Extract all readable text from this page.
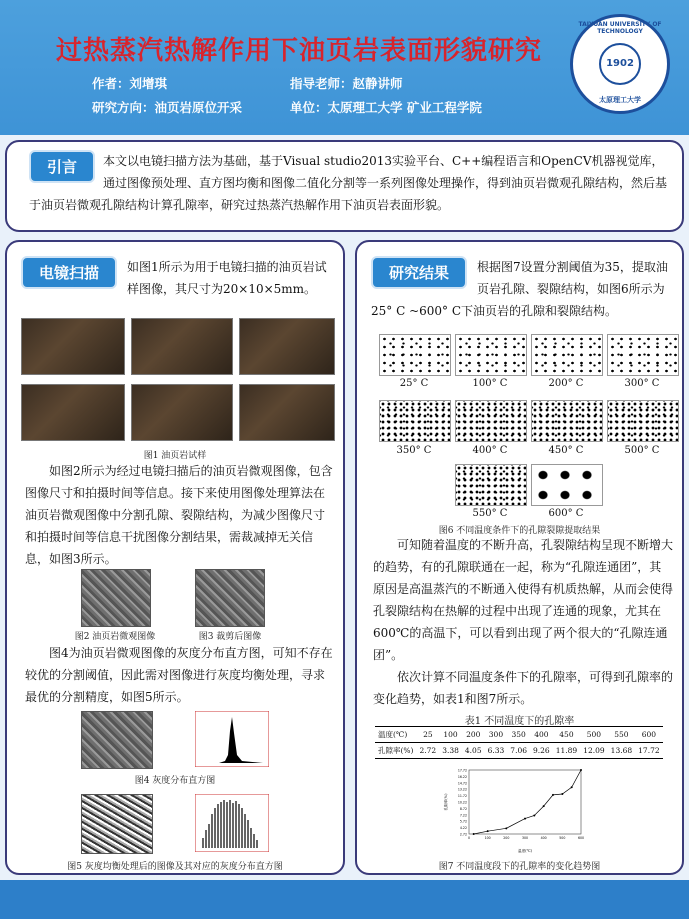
过热蒸汽热解作用下油页岩表面形貌研究
作者：刘增琪	指导老师：赵静讲师
研究方向：油页岩原位开采	单位：太原理工大学 矿业工程学院
TAIYUAN UNIVERSITY OF TECHNOLOGY
1902
太原理工大学
引言	本文以电镜扫描方法为基础，基于Visual studio2013实验平台、C++编程语言和OpenCV机器视觉库，通过图像预处理、直方图均衡和图像二值化分割等一系列图像处理操作，得到油页岩微观孔隙结构，然后基于油页岩微观孔隙结构计算孔隙率，研究过热蒸汽热解作用下油页岩表面形貌。
电镜扫描	如图1所示为用于电镜扫描的油页岩试样图像，其尺寸为20×10×5mm。
图1 油页岩试样
如图2所示为经过电镜扫描后的油页岩微观图像，包含图像尺寸和拍摄时间等信息。接下来使用图像处理算法在油页岩微观图像中分割孔隙、裂隙结构，为减少图像尺寸和拍摄时间等信息干扰图像分割结果，需裁减掉无关信息，如图3所示。
图2 油页岩微观图像	图3 裁剪后图像
图4为油页岩微观图像的灰度分布直方图，可知不存在较优的分割阈值，因此需对图像进行灰度均衡处理，寻求最优的分割精度，如图5所示。
图4 灰度分布直方图
图5 灰度均衡处理后的图像及其对应的灰度分布直方图
研究结果	根据图7设置分割阈值为35，提取油页岩孔隙、裂隙结构，如图6所示为25° C ~600° C下油页岩的孔隙和裂隙结构。
25° C	100° C	200° C	300° C
350° C	400° C	450° C	500° C
550° C	600° C
图6 不同温度条件下的孔隙裂隙提取结果
可知随着温度的不断升高，孔裂隙结构呈现不断增大的趋势，有的孔隙联通在一起，称为“孔隙连通团”，其原因是高温蒸汽的不断通入使得有机质热解，从而会使得孔裂隙结构在热解的过程中出现了连通的现象，尤其在600℃的高温下，可以看到出现了两个很大的“孔隙连通团”。
依次计算不同温度条件下的孔隙率，可得到孔隙率的变化趋势，如表1和图7所示。
表1 不同温度下的孔隙率
温度(℃)	25	100	200	300	350	400	450	500	550	600
孔隙率(%)	2.72	3.38	4.05	6.33	7.06	9.26	11.89	12.09	13.68	17.72
2.72
4.22
5.72
7.22
8.72
10.22
11.72
13.22
14.72
16.22
17.72
0	100	200	300	400	500	600
温度(℃)
孔隙率(%)
图7 不同温度段下的孔隙率的变化趋势图
